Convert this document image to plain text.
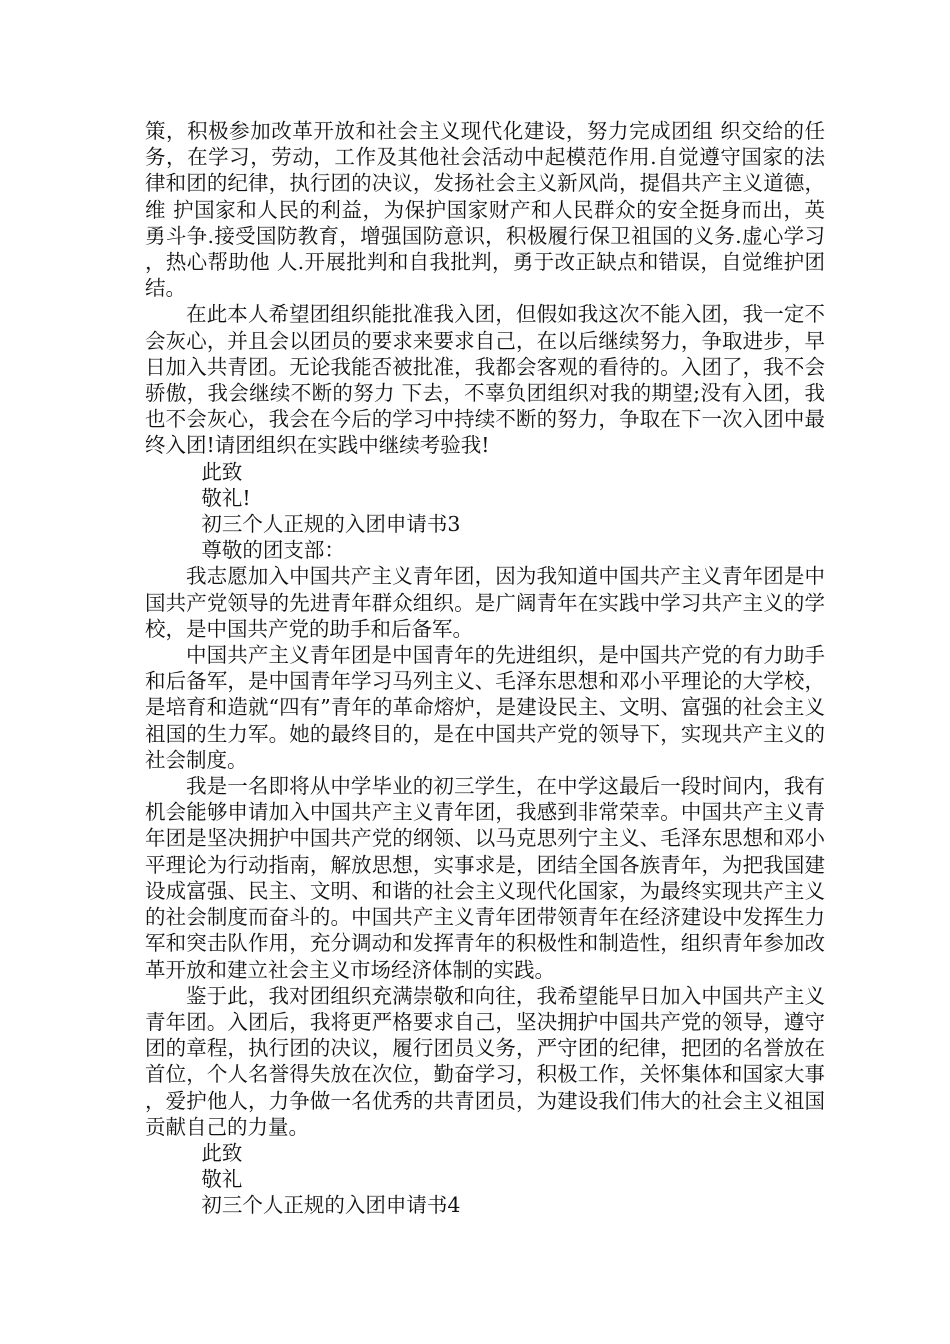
策，积极参加改革开放和社会主义现代化建设，努力完成团组 织交给的任务，在学习，劳动，工作及其他社会活动中起模范作用.自觉遵守国家的法律和团的纪律，执行团的决议，发扬社会主义新风尚，提倡共产主义道德，维 护国家和人民的利益，为保护国家财产和人民群众的安全挺身而出，英勇斗争.接受国防教育，增强国防意识，积极履行保卫祖国的义务.虚心学习，热心帮助他 人.开展批判和自我批判，勇于改正缺点和错误，自觉维护团结。

在此本人希望团组织能批准我入团，但假如我这次不能入团，我一定不会灰心，并且会以团员的要求来要求自己，在以后继续努力，争取进步，早日加入共青团。无论我能否被批准，我都会客观的看待的。入团了，我不会骄傲，我会继续不断的努力 下去，不辜负团组织对我的期望;没有入团，我也不会灰心，我会在今后的学习中持续不断的努力，争取在下一次入团中最终入团!请团组织在实践中继续考验我!

此致

敬礼!

初三个人正规的入团申请书3

尊敬的团支部：

我志愿加入中国共产主义青年团，因为我知道中国共产主义青年团是中国共产党领导的先进青年群众组织。是广阔青年在实践中学习共产主义的学校，是中国共产党的助手和后备军。

中国共产主义青年团是中国青年的先进组织，是中国共产党的有力助手和后备军，是中国青年学习马列主义、毛泽东思想和邓小平理论的大学校，是培育和造就“四有”青年的革命熔炉，是建设民主、文明、富强的社会主义祖国的生力军。她的最终目的，是在中国共产党的领导下，实现共产主义的社会制度。

我是一名即将从中学毕业的初三学生，在中学这最后一段时间内，我有机会能够申请加入中国共产主义青年团，我感到非常荣幸。中国共产主义青年团是坚决拥护中国共产党的纲领、以马克思列宁主义、毛泽东思想和邓小平理论为行动指南，解放思想，实事求是，团结全国各族青年，为把我国建设成富强、民主、文明、和谐的社会主义现代化国家，为最终实现共产主义的社会制度而奋斗的。中国共产主义青年团带领青年在经济建设中发挥生力军和突击队作用，充分调动和发挥青年的积极性和制造性，组织青年参加改革开放和建立社会主义市场经济体制的实践。

鉴于此，我对团组织充满崇敬和向往，我希望能早日加入中国共产主义青年团。入团后，我将更严格要求自己，坚决拥护中国共产党的领导，遵守团的章程，执行团的决议，履行团员义务，严守团的纪律，把团的名誉放在首位，个人名誉得失放在次位，勤奋学习，积极工作，关怀集体和国家大事，爱护他人，力争做一名优秀的共青团员，为建设我们伟大的社会主义祖国贡献自己的力量。

此致

敬礼

初三个人正规的入团申请书4
